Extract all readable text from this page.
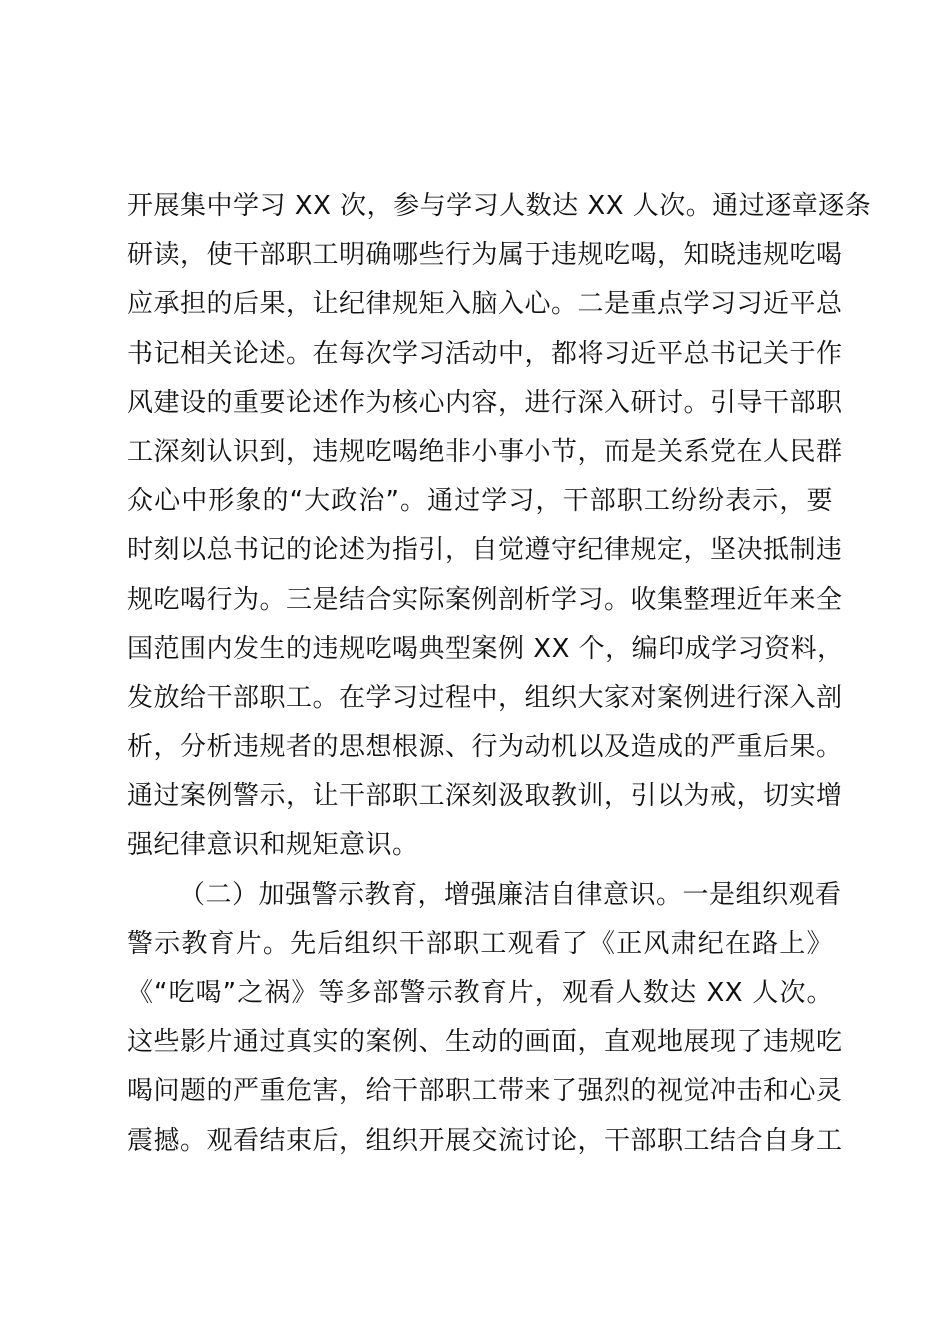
开展集中学习 XX 次，参与学习人数达 XX 人次。通过逐章逐条
研读，使干部职工明确哪些行为属于违规吃喝，知晓违规吃喝
应承担的后果，让纪律规矩入脑入心。二是重点学习习近平总
书记相关论述。在每次学习活动中，都将习近平总书记关于作
风建设的重要论述作为核心内容，进行深入研讨。引导干部职
工深刻认识到，违规吃喝绝非小事小节，而是关系党在人民群
众心中形象的“大政治”。通过学习，干部职工纷纷表示，要
时刻以总书记的论述为指引，自觉遵守纪律规定，坚决抵制违
规吃喝行为。三是结合实际案例剖析学习。收集整理近年来全
国范围内发生的违规吃喝典型案例 XX 个，编印成学习资料，
发放给干部职工。在学习过程中，组织大家对案例进行深入剖
析，分析违规者的思想根源、行为动机以及造成的严重后果。
通过案例警示，让干部职工深刻汲取教训，引以为戒，切实增
强纪律意识和规矩意识。
（二）加强警示教育，增强廉洁自律意识。一是组织观看
警示教育片。先后组织干部职工观看了《正风肃纪在路上》
《“吃喝”之祸》等多部警示教育片，观看人数达 XX 人次。
这些影片通过真实的案例、生动的画面，直观地展现了违规吃
喝问题的严重危害，给干部职工带来了强烈的视觉冲击和心灵
震撼。观看结束后，组织开展交流讨论，干部职工结合自身工
